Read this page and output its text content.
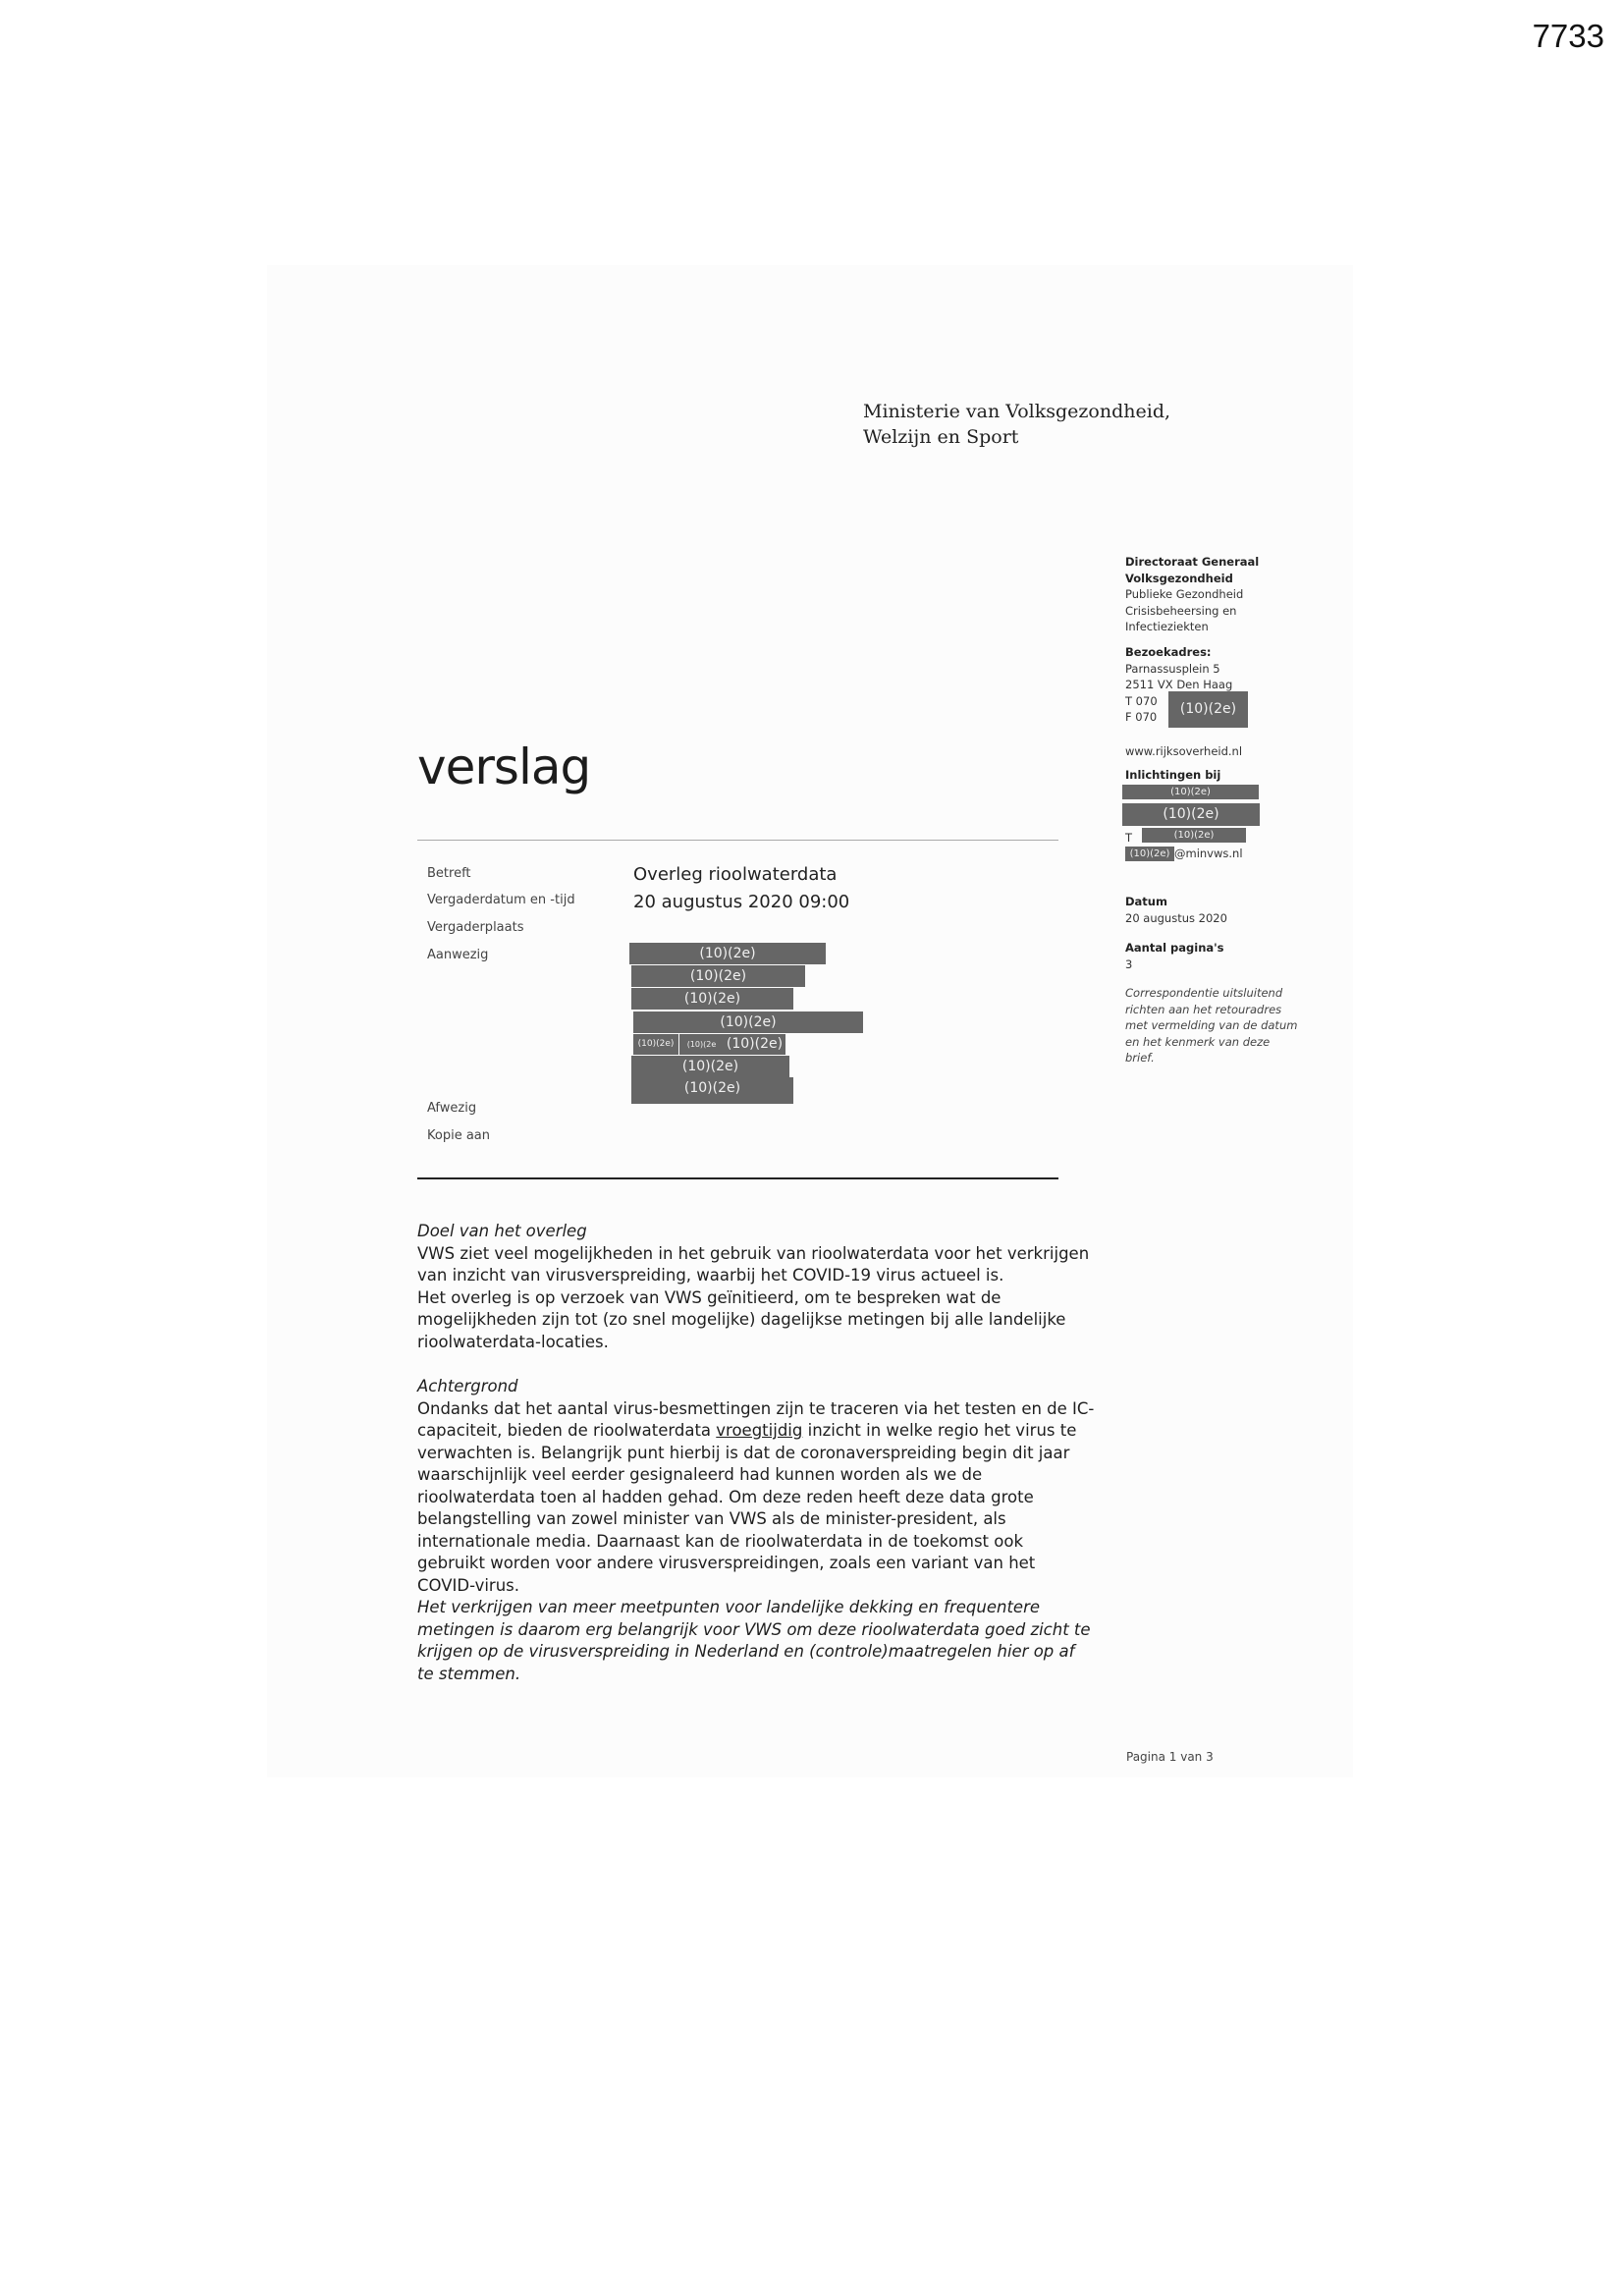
7733
Ministerie van Volksgezondheid,
Welzijn en Sport
Directoraat Generaal
Volksgezondheid
Publieke Gezondheid
Crisisbeheersing en
Infectieziekten
Bezoekadres:
Parnassusplein 5
2511 VX Den Haag
T 070
F 070	(10)(2e)
www.rijksoverheid.nl
Inlichtingen bij
(10)(2e)
(10)(2e)
T	(10)(2e)
(10)(2e) @minvws.nl
Datum
20 augustus 2020
Aantal pagina's
3
Correspondentie uitsluitend
richten aan het retouradres
met vermelding van de datum
en het kenmerk van deze
brief.
verslag
Betreft	Overleg rioolwaterdata
Vergaderdatum en -tijd	20 augustus 2020 09:00
Vergaderplaats
Aanwezig	(10)(2e)
(10)(2e)
(10)(2e)
(10)(2e)
(10)(2e)	(10)(2e (10)(2e)
(10)(2e)
(10)(2e)
Afwezig
Kopie aan

Doel van het overleg

VWS ziet veel mogelijkheden in het gebruik van rioolwaterdata voor het verkrijgen

van inzicht van virusverspreiding, waarbij het COVID-19 virus actueel is.

Het overleg is op verzoek van VWS geïnitieerd, om te bespreken wat de

mogelijkheden zijn tot (zo snel mogelijke) dagelijkse metingen bij alle landelijke

rioolwaterdata-locaties.

Achtergrond

Ondanks dat het aantal virus-besmettingen zijn te traceren via het testen en de IC-

capaciteit, bieden de rioolwaterdata vroegtijdig inzicht in welke regio het virus te

verwachten is. Belangrijk punt hierbij is dat de coronaverspreiding begin dit jaar

waarschijnlijk veel eerder gesignaleerd had kunnen worden als we de

rioolwaterdata toen al hadden gehad. Om deze reden heeft deze data grote

belangstelling van zowel minister van VWS als de minister-president, als

internationale media. Daarnaast kan de rioolwaterdata in de toekomst ook

gebruikt worden voor andere virusverspreidingen, zoals een variant van het

COVID-virus.

Het verkrijgen van meer meetpunten voor landelijke dekking en frequentere

metingen is daarom erg belangrijk voor VWS om deze rioolwaterdata goed zicht te

krijgen op de virusverspreiding in Nederland en (controle)maatregelen hier op af

te stemmen.

Pagina 1 van 3
